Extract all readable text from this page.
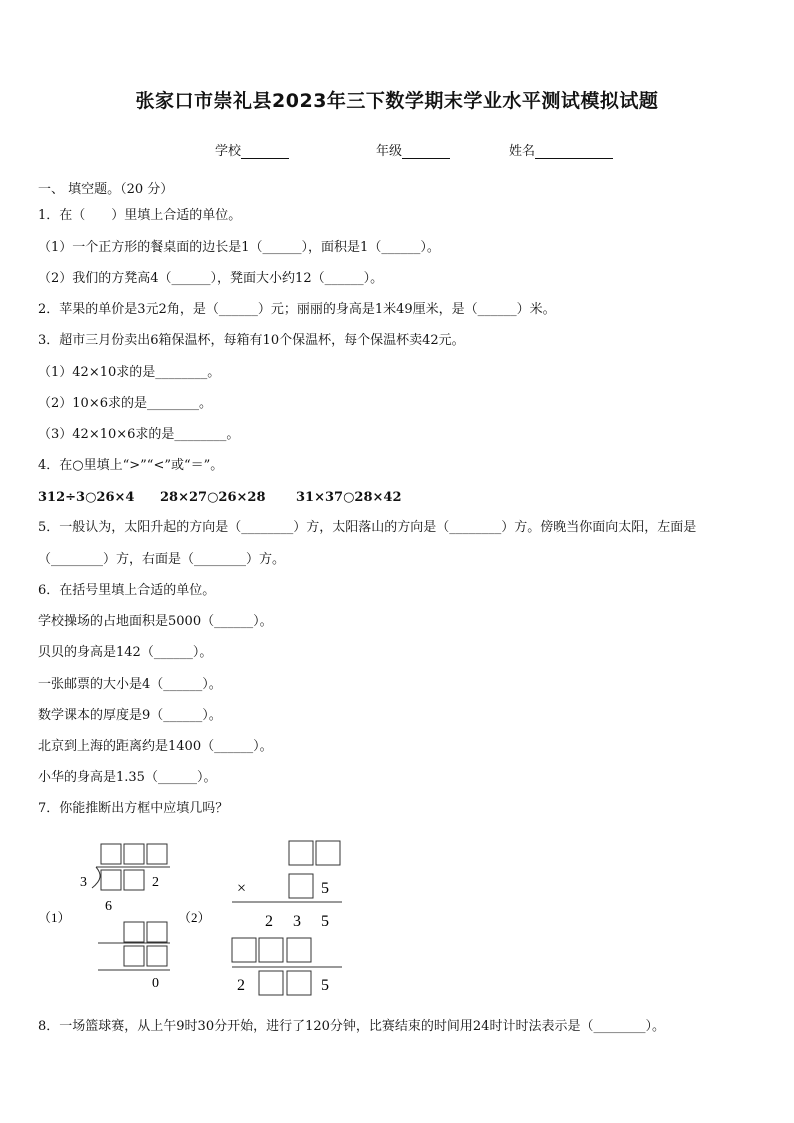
张家口市崇礼县2023年三下数学期末学业水平测试模拟试题
学校	年级	姓名
一、 填空题。（20 分）
1．在（　　）里填上合适的单位。
（1）一个正方形的餐桌面的边长是1（______），面积是1（______）。
（2）我们的方凳高4（______），凳面大小约12（______）。
2．苹果的单价是3元2角，是（______）元；丽丽的身高是1米49厘米，是（______）米。
3．超市三月份卖出6箱保温杯，每箱有10个保温杯，每个保温杯卖42元。
（1）42×10求的是________。
（2）10×6求的是________。
（3）42×10×6求的是________。
4．在○里填上“>”“<”或“＝”。
312÷3○26×4 28×27○26×28 31×37○28×42
5．一般认为，太阳升起的方向是（________）方，太阳落山的方向是（________）方。傍晚当你面向太阳，左面是
（________）方，右面是（________）方。
6．在括号里填上合适的单位。
学校操场的占地面积是5000（______）。
贝贝的身高是142（______）。
一张邮票的大小是4（______）。
数学课本的厚度是9（______）。
北京到上海的距离约是1400（______）。
小华的身高是1.35（______）。
7．你能推断出方框中应填几吗？
（1）
3	2
6
0
（2）
×	5
2 3 5
2	5
8．一场篮球赛，从上午9时30分开始，进行了120分钟，比赛结束的时间用24时计时法表示是（________）。
